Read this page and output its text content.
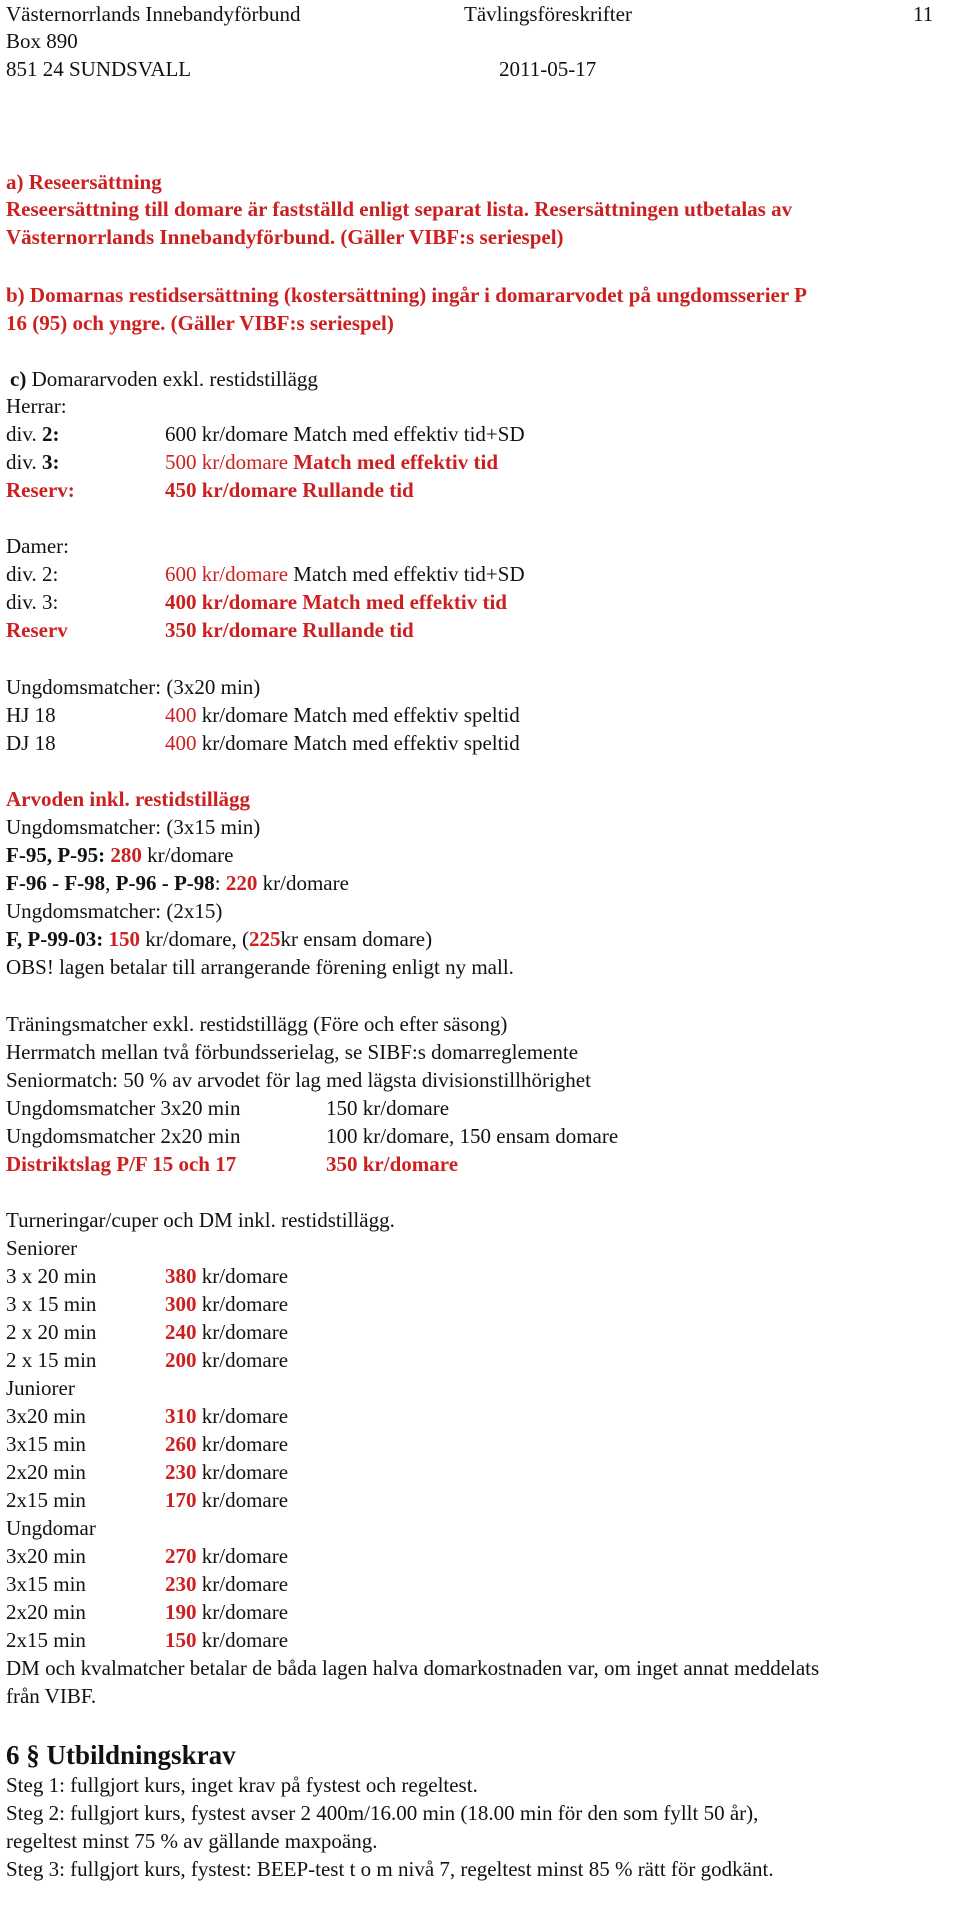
Västernorrlands Innebandyförbund	Tävlingsföreskrifter	11
Box 890
851 24 SUNDSVALL	2011-05-17
a) Reseersättning
Reseersättning till domare är fastställd enligt separat lista. Resersättningen utbetalas av
Västernorrlands Innebandyförbund. (Gäller VIBF:s seriespel)
b) Domarnas restidsersättning (kostersättning) ingår i domararvodet på ungdomsserier P
16 (95) och yngre. (Gäller VIBF:s seriespel)
c) Domararvoden exkl. restidstillägg
Herrar:
div. 2:	600 kr/domare Match med effektiv tid+SD
div. 3:	500 kr/domare Match med effektiv tid
Reserv:	450 kr/domare Rullande tid
Damer:
div. 2:	600 kr/domare Match med effektiv tid+SD
div. 3:	400 kr/domare Match med effektiv tid
Reserv	350 kr/domare Rullande tid
Ungdomsmatcher: (3x20 min)
HJ 18	400 kr/domare Match med effektiv speltid
DJ 18	400 kr/domare Match med effektiv speltid
Arvoden inkl. restidstillägg
Ungdomsmatcher: (3x15 min)
F-95, P-95: 280 kr/domare
F-96 - F-98, P-96 - P-98: 220 kr/domare
Ungdomsmatcher: (2x15)
F, P-99-03: 150 kr/domare, (225kr ensam domare)
OBS! lagen betalar till arrangerande förening enligt ny mall.
Träningsmatcher exkl. restidstillägg (Före och efter säsong)
Herrmatch mellan två förbundsserielag, se SIBF:s domarreglemente
Seniormatch: 50 % av arvodet för lag med lägsta divisionstillhörighet
Ungdomsmatcher 3x20 min	150 kr/domare
Ungdomsmatcher 2x20 min	100 kr/domare, 150 ensam domare
Distriktslag P/F 15 och 17	350 kr/domare
Turneringar/cuper och DM inkl. restidstillägg.
Seniorer
3 x 20 min	380 kr/domare
3 x 15 min	300 kr/domare
2 x 20 min	240 kr/domare
2 x 15 min	200 kr/domare
Juniorer
3x20 min	310 kr/domare
3x15 min	260 kr/domare
2x20 min	230 kr/domare
2x15 min	170 kr/domare
Ungdomar
3x20 min	270 kr/domare
3x15 min	230 kr/domare
2x20 min	190 kr/domare
2x15 min	150 kr/domare
DM och kvalmatcher betalar de båda lagen halva domarkostnaden var, om inget annat meddelats
från VIBF.
6 § Utbildningskrav
Steg 1: fullgjort kurs, inget krav på fystest och regeltest.
Steg 2: fullgjort kurs, fystest avser 2 400m/16.00 min (18.00 min för den som fyllt 50 år),
regeltest minst 75 % av gällande maxpoäng.
Steg 3: fullgjort kurs, fystest: BEEP-test t o m nivå 7, regeltest minst 85 % rätt för godkänt.
